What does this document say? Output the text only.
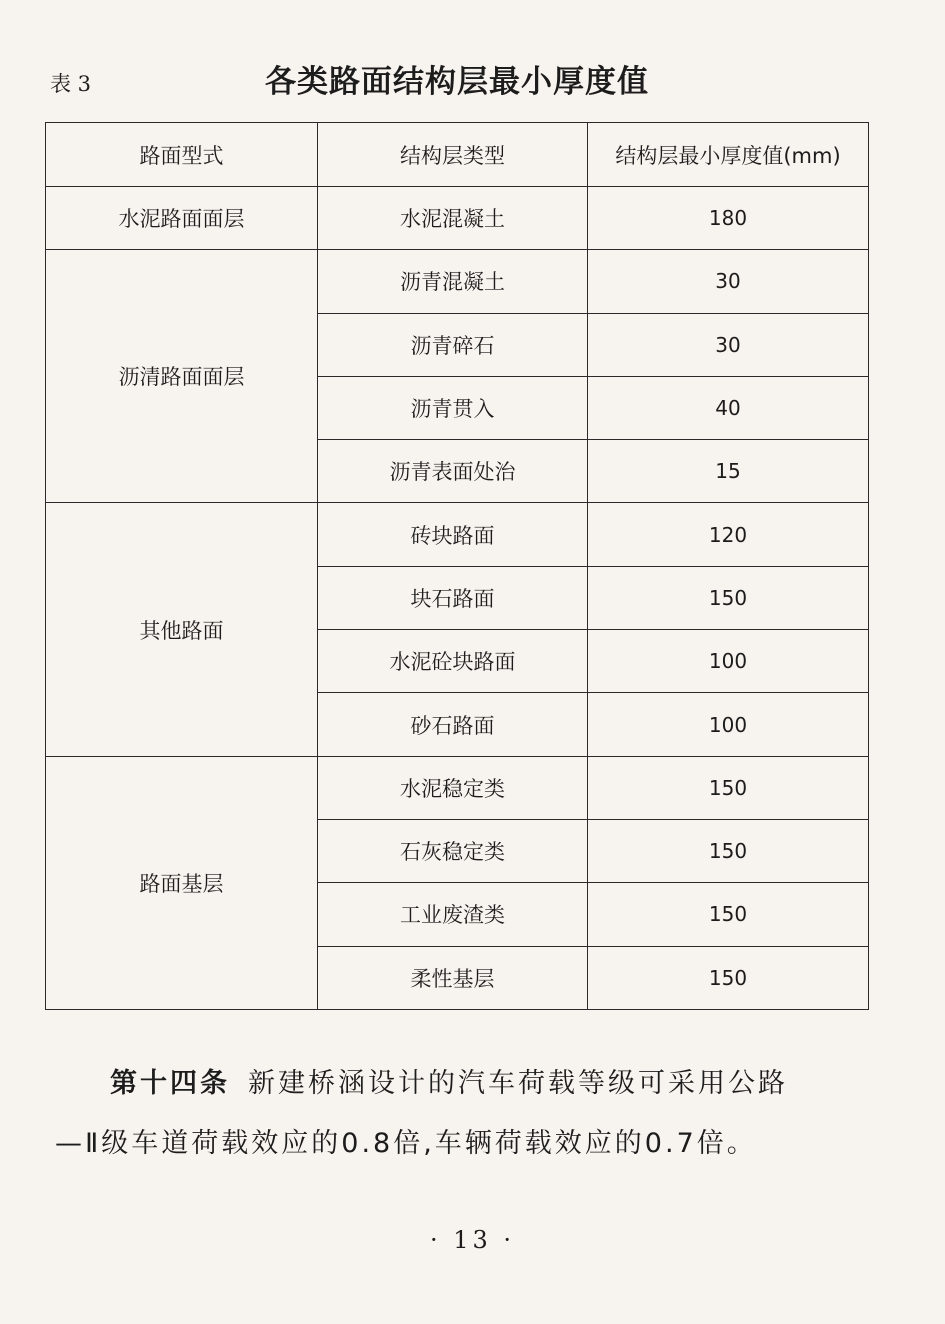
表 3	各类路面结构层最小厚度值
路面型式	结构层类型	结构层最小厚度值(mm)
水泥路面面层	水泥混凝土	180
沥清路面面层	沥青混凝土	30
	沥青碎石	30
	沥青贯入	40
	沥青表面处治	15
其他路面	砖块路面	120
	块石路面	150
	水泥砼块路面	100
	砂石路面	100
路面基层	水泥稳定类	150
	石灰稳定类	150
	工业废渣类	150
	柔性基层	150
第十四条 新建桥涵设计的汽车荷载等级可采用公路
—Ⅱ级车道荷载效应的0.8倍,车辆荷载效应的0.7倍。
· 13 ·
